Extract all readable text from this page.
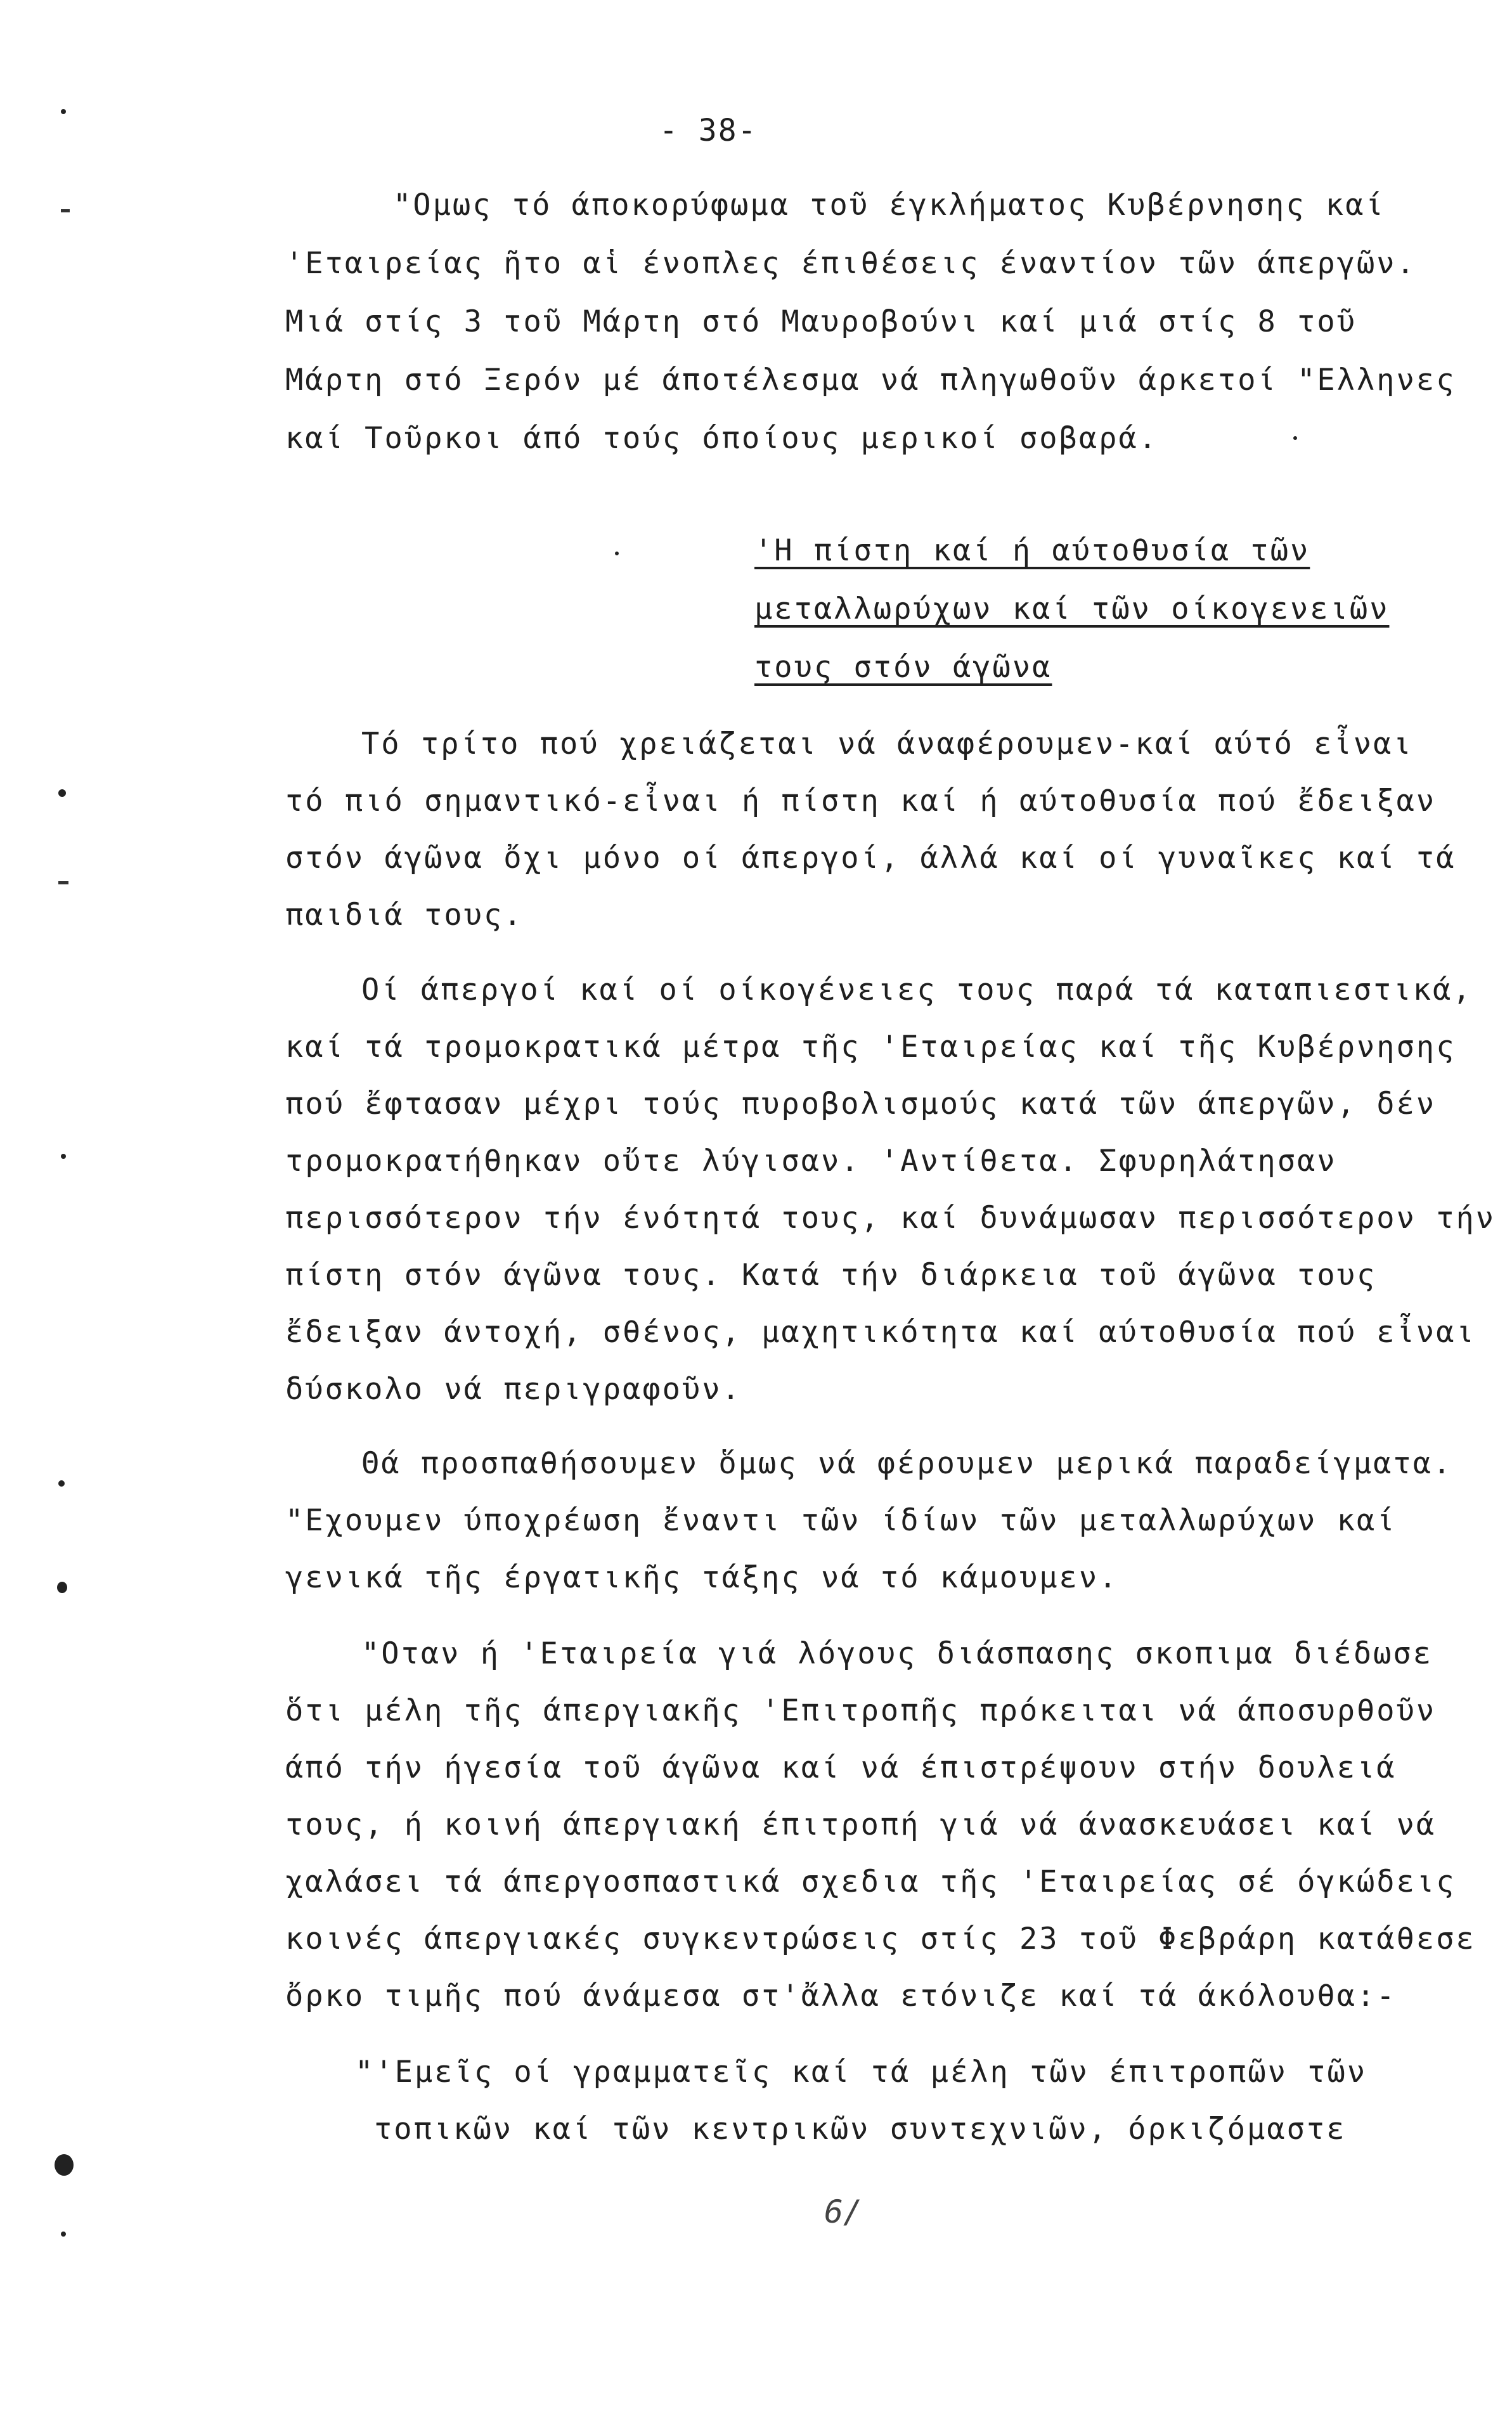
- 38-
"Ομως τό άποκορύφωμα τοῦ έγκλήματος Κυβέρνησης καί
'Εταιρείας ῆτο αἱ ένοπλες έπιθέσεις έναντίον τῶν άπεργῶν.
Μιά στίς 3 τοῦ Μάρτη στό Μαυροβούνι καί μιά στίς 8 τοῦ
Μάρτη στό Ξερόν μέ άποτέλεσμα νά πληγωθοῦν άρκετοί "Ελληνες
καί Τοῦρκοι άπό τούς όποίους μερικοί σοβαρά.
'Η πίστη καί ή αύτοθυσία τῶν
μεταλλωρύχων καί τῶν οίκογενειῶν
τους στόν άγῶνα
Τό τρίτο πού χρειάζεται νά άναφέρουμεν-καί αύτό εἶναι
τό πιό σημαντικό-εἶναι ή πίστη καί ή αύτοθυσία πού ἔδειξαν
στόν άγῶνα ὄχι μόνο οί άπεργοί, άλλά καί οί γυναῖκες καί τά
παιδιά τους.
Οί άπεργοί καί οί οίκογένειες τους παρά τά καταπιεστικά,
καί τά τρομοκρατικά μέτρα τῆς 'Εταιρείας καί τῆς Κυβέρνησης
πού ἔφτασαν μέχρι τούς πυροβολισμούς κατά τῶν άπεργῶν, δέν
τρομοκρατήθηκαν οὔτε λύγισαν. 'Αντίθετα. Σφυρηλάτησαν
περισσότερον τήν ένότητά τους, καί δυνάμωσαν περισσότερον τήν
πίστη στόν άγῶνα τους. Κατά τήν διάρκεια τοῦ άγῶνα τους
ἔδειξαν άντοχή, σθένος, μαχητικότητα καί αύτοθυσία πού εἶναι
δύσκολο νά περιγραφοῦν.
Θά προσπαθήσουμεν ὅμως νά φέρουμεν μερικά παραδείγματα.
"Εχουμεν ύποχρέωση ἔναντι τῶν ίδίων τῶν μεταλλωρύχων καί
γενικά τῆς έργατικῆς τάξης νά τό κάμουμεν.
"Οταν ή 'Εταιρεία γιά λόγους διάσπασης σκοπιμα διέδωσε
ὅτι μέλη τῆς άπεργιακῆς 'Επιτροπῆς πρόκειται νά άποσυρθοῦν
άπό τήν ήγεσία τοῦ άγῶνα καί νά έπιστρέψουν στήν δουλειά
τους, ή κοινή άπεργιακή έπιτροπή γιά νά άνασκευάσει καί νά
χαλάσει τά άπεργοσπαστικά σχεδια τῆς 'Εταιρείας σέ όγκώδεις
κοινές άπεργιακές συγκεντρώσεις στίς 23 τοῦ Φεβράρη κατάθεσε
ὄρκο τιμῆς πού άνάμεσα στ'ἄλλα ετόνιζε καί τά άκόλουθα:-
"'Εμεῖς οί γραμματεῖς καί τά μέλη τῶν έπιτροπῶν τῶν
τοπικῶν καί τῶν κεντρικῶν συντεχνιῶν, όρκιζόμαστε
6/
